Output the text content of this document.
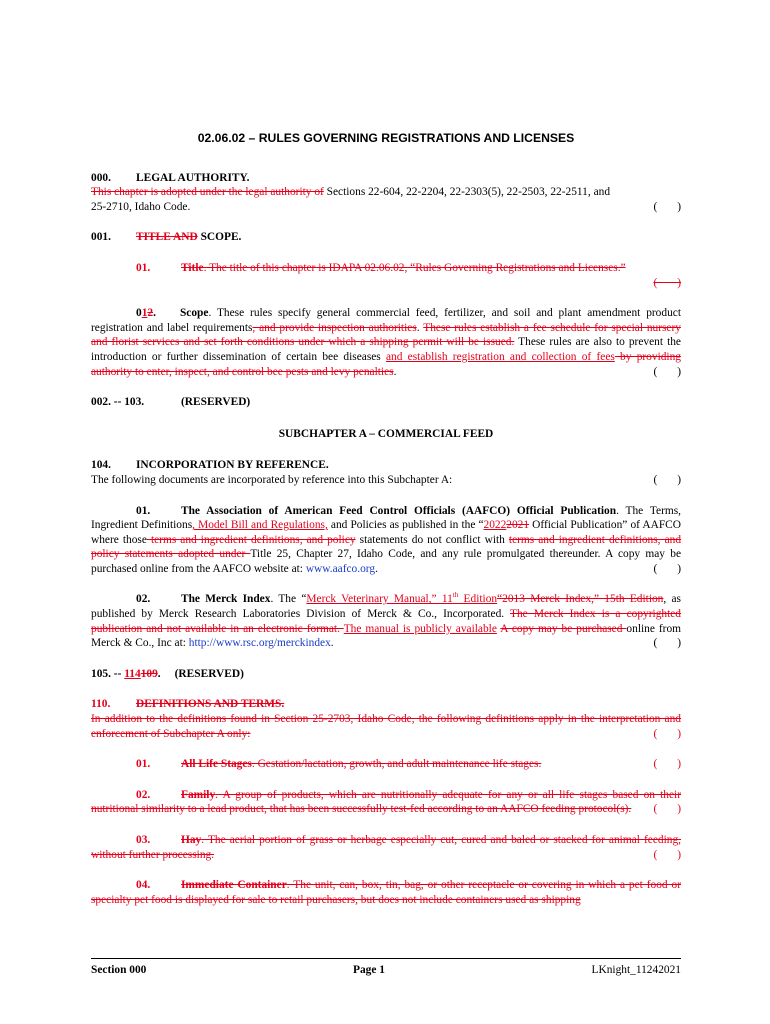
02.06.02 – RULES GOVERNING REGISTRATIONS AND LICENSES
000. LEGAL AUTHORITY.
This chapter is adopted under the legal authority of Sections 22-604, 22-2204, 22-2303(5), 22-2503, 22-2511, and
25-2710, Idaho Code.	(       )
001. TITLE AND SCOPE.
01.	Title. The title of this chapter is IDAPA 02.06.02, “Rules Governing Registrations and Licenses.”
(       )
012. Scope. These rules specify general commercial feed, fertilizer, and soil and plant amendment product registration and label requirements, and provide inspection authorities. These rules establish a fee schedule for special nursery and florist services and set forth conditions under which a shipping permit will be issued. These rules are also to prevent the introduction or further dissemination of certain bee diseases and establish registration and collection of fees by providing authority to enter, inspect, and control bee pests and levy penalties.	(       )
002. -- 103.	(RESERVED)
SUBCHAPTER A – COMMERCIAL FEED
104. INCORPORATION BY REFERENCE.
The following documents are incorporated by reference into this Subchapter A:	(       )
01.	The Association of American Feed Control Officials (AAFCO) Official Publication. The Terms, Ingredient Definitions, Model Bill and Regulations, and Policies as published in the “20222021 Official Publication” of AAFCO where those terms and ingredient definitions, and policy statements do not conflict with terms and ingredient definitions, and policy statements adopted under Title 25, Chapter 27, Idaho Code, and any rule promulgated thereunder. A copy may be purchased online from the AAFCO website at: www.aafco.org.	(       )
02.	The Merck Index. The “Merck Veterinary Manual,” 11th Edition“2013 Merck Index,” 15th Edition, as published by Merck Research Laboratories Division of Merck & Co., Incorporated. The Merck Index is a copyrighted publication and not available in an electronic format. The manual is publicly available A copy may be purchased online from Merck & Co., Inc at: http://www.rsc.org/merckindex.	(       )
105. -- 114109. (RESERVED)
110. DEFINITIONS AND TERMS.
In addition to the definitions found in Section 25-2703, Idaho Code, the following definitions apply in the interpretation and enforcement of Subchapter A only:	(       )
01.	All Life Stages. Gestation/lactation, growth, and adult maintenance life stages.	(       )
02.	Family. A group of products, which are nutritionally adequate for any or all life stages based on their nutritional similarity to a lead product, that has been successfully test-fed according to an AAFCO feeding protocol(s). (       )
03.	Hay. The aerial portion of grass or herbage especially cut, cured and baled or stacked for animal feeding, without further processing.	(       )
04.	Immediate Container. The unit, can, box, tin, bag, or other receptacle or covering in which a pet food or specialty pet food is displayed for sale to retail purchasers, but does not include containers used as shipping
Section 000	Page 1	LKnight_11242021
